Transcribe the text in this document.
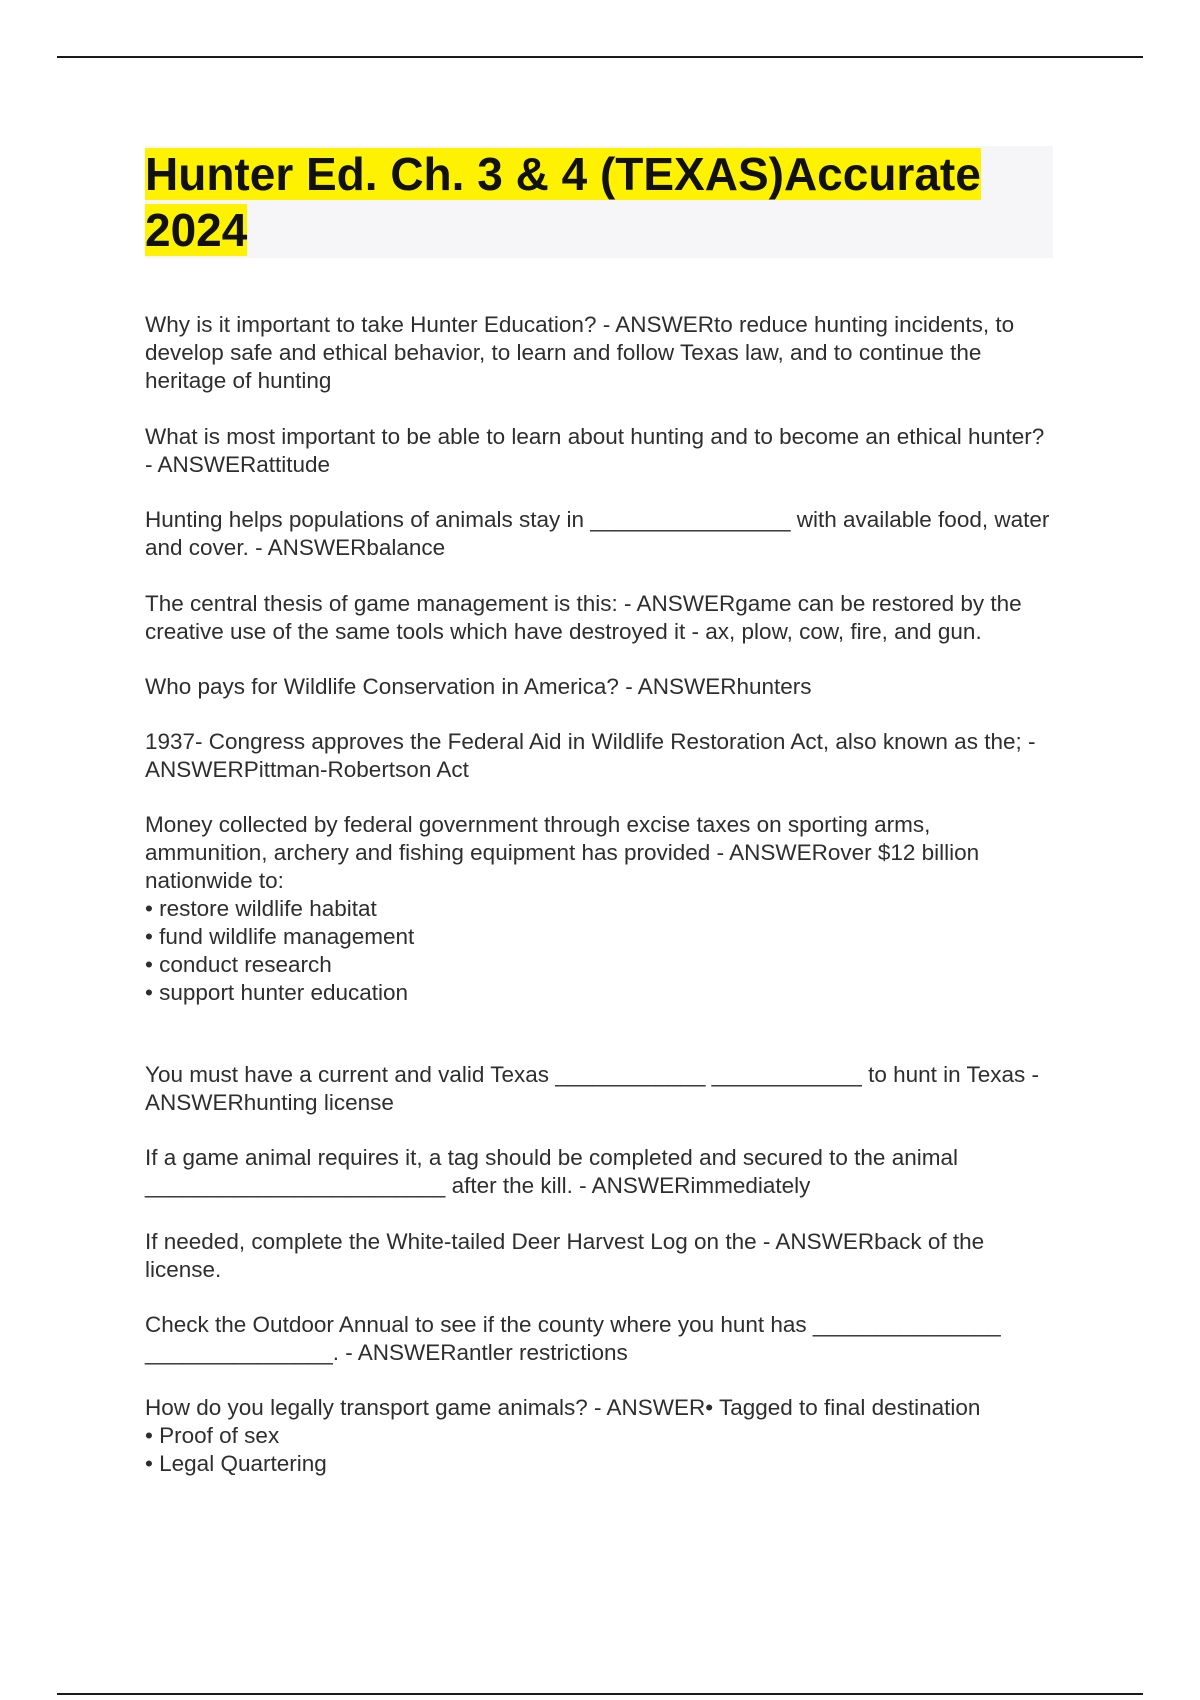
Hunter Ed. Ch. 3 & 4 (TEXAS)Accurate
2024

Why is it important to take Hunter Education? - ANSWERto reduce hunting incidents, to develop safe and ethical behavior, to learn and follow Texas law, and to continue the heritage of hunting

What is most important to be able to learn about hunting and to become an ethical hunter? - ANSWERattitude

Hunting helps populations of animals stay in ________________ with available food, water and cover. - ANSWERbalance

The central thesis of game management is this: - ANSWERgame can be restored by the creative use of the same tools which have destroyed it - ax, plow, cow, fire, and gun.

Who pays for Wildlife Conservation in America? - ANSWERhunters

1937- Congress approves the Federal Aid in Wildlife Restoration Act, also known as the; - ANSWERPittman-Robertson Act

Money collected by federal government through excise taxes on sporting arms, ammunition, archery and fishing equipment has provided - ANSWERover $12 billion nationwide to:

• restore wildlife habitat
• fund wildlife management
• conduct research
• support hunter education

You must have a current and valid Texas ____________ ____________ to hunt in Texas - ANSWERhunting license

If a game animal requires it, a tag should be completed and secured to the animal ________________________ after the kill. - ANSWERimmediately

If needed, complete the White-tailed Deer Harvest Log on the - ANSWERback of the license.

Check the Outdoor Annual to see if the county where you hunt has _______________ _______________. - ANSWERantler restrictions

How do you legally transport game animals? - ANSWER• Tagged to final destination

• Proof of sex
• Legal Quartering
